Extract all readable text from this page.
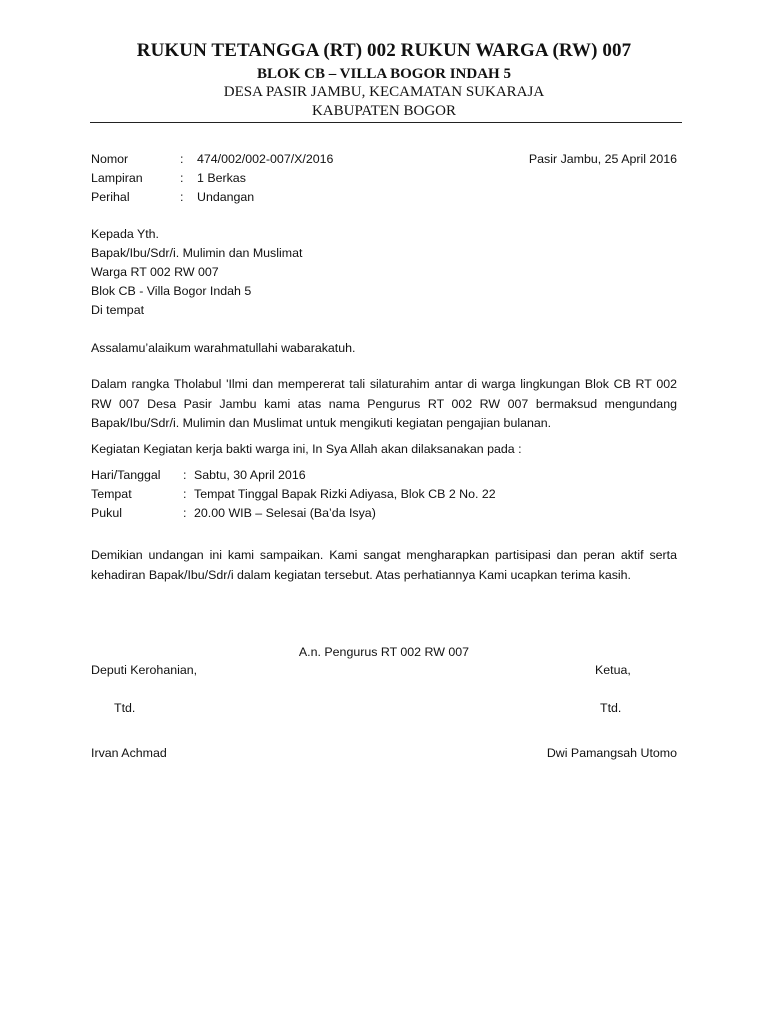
RUKUN TETANGGA (RT) 002 RUKUN WARGA (RW) 007
BLOK CB – VILLA BOGOR INDAH 5
DESA PASIR JAMBU, KECAMATAN SUKARAJA
KABUPATEN BOGOR
Nomor	: 474/002/002-007/X/2016	Pasir Jambu, 25 April 2016
Lampiran	: 1 Berkas
Perihal	: Undangan
Kepada Yth.
Bapak/Ibu/Sdr/i. Mulimin dan Muslimat
Warga RT 002 RW 007
Blok CB - Villa Bogor Indah 5
Di tempat
Assalamu’alaikum warahmatullahi wabarakatuh.
Dalam rangka Tholabul 'Ilmi dan mempererat tali silaturahim antar di warga lingkungan Blok CB RT 002
RW 007 Desa Pasir Jambu kami atas nama Pengurus RT 002 RW 007 bermaksud mengundang
Bapak/Ibu/Sdr/i. Mulimin dan Muslimat untuk mengikuti kegiatan pengajian bulanan.
Kegiatan Kegiatan kerja bakti warga ini, In Sya Allah akan dilaksanakan pada :
Hari/Tanggal : Sabtu, 30 April 2016
Tempat	: Tempat Tinggal Bapak Rizki Adiyasa, Blok CB 2 No. 22
Pukul	: 20.00 WIB – Selesai (Ba’da Isya)
Demikian undangan ini kami sampaikan. Kami sangat mengharapkan partisipasi dan peran aktif serta
kehadiran Bapak/Ibu/Sdr/i dalam kegiatan tersebut. Atas perhatiannya Kami ucapkan terima kasih.
A.n. Pengurus RT 002 RW 007
Deputi Kerohanian,	Ketua,
Ttd.	Ttd.
Irvan Achmad	Dwi Pamangsah Utomo
